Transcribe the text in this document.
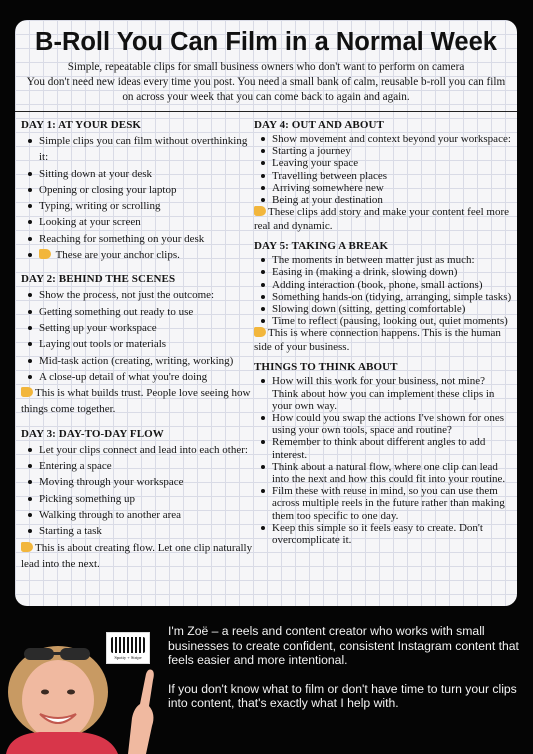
B-Roll You Can Film in a Normal Week
Simple, repeatable clips for small business owners who don't want to perform on camera
You don't need new ideas every time you post. You need a small bank of calm, reusable b-roll you can film on across your week that you can come back to again and again.
DAY 1: AT YOUR DESK
Simple clips you can film without overthinking it:
Sitting down at your desk
Opening or closing your laptop
Typing, writing or scrolling
Looking at your screen
Reaching for something on your desk
These are your anchor clips.
DAY 2: BEHIND THE SCENES
Show the process, not just the outcome:
Getting something out ready to use
Setting up your workspace
Laying out tools or materials
Mid-task action (creating, writing, working)
A close-up detail of what you're doing

This is what builds trust. People love seeing how things come together.

DAY 3: DAY-TO-DAY FLOW
Let your clips connect and lead into each other:
Entering a space
Moving through your workspace
Picking something up
Walking through to another area
Starting a task

This is about creating flow. Let one clip naturally lead into the next.

DAY 4: OUT AND ABOUT
Show movement and context beyond your workspace:
Starting a journey
Leaving your space
Travelling between places
Arriving somewhere new
Being at your destination

These clips add story and make your content feel more real and dynamic.

DAY 5: TAKING A BREAK
The moments in between matter just as much:
Easing in (making a drink, slowing down)
Adding interaction (book, phone, small actions)
Something hands-on (tidying, arranging, simple tasks)
Slowing down (sitting, getting comfortable)
Time to reflect (pausing, looking out, quiet moments)

This is where connection happens. This is the human side of your business.

THINGS TO THINK ABOUT
How will this work for your business, not mine? Think about how you can implement these clips in your own way.
How could you swap the actions I've shown for ones using your own tools, space and routine?
Remember to think about different angles to add interest.
Think about a natural flow, where one clip can lead into the next and how this could fit into your routine.
Film these with reuse in mind, so you can use them across multiple reels in the future rather than making them too specific to one day.
Keep this simple so it feels easy to create. Don't overcomplicate it.
Spotty + Stripe

I'm Zoë – a reels and content creator who works with small businesses to create confident, consistent Instagram content that feels easier and more intentional.

If you don't know what to film or don't have time to turn your clips into content, that's exactly what I help with.
